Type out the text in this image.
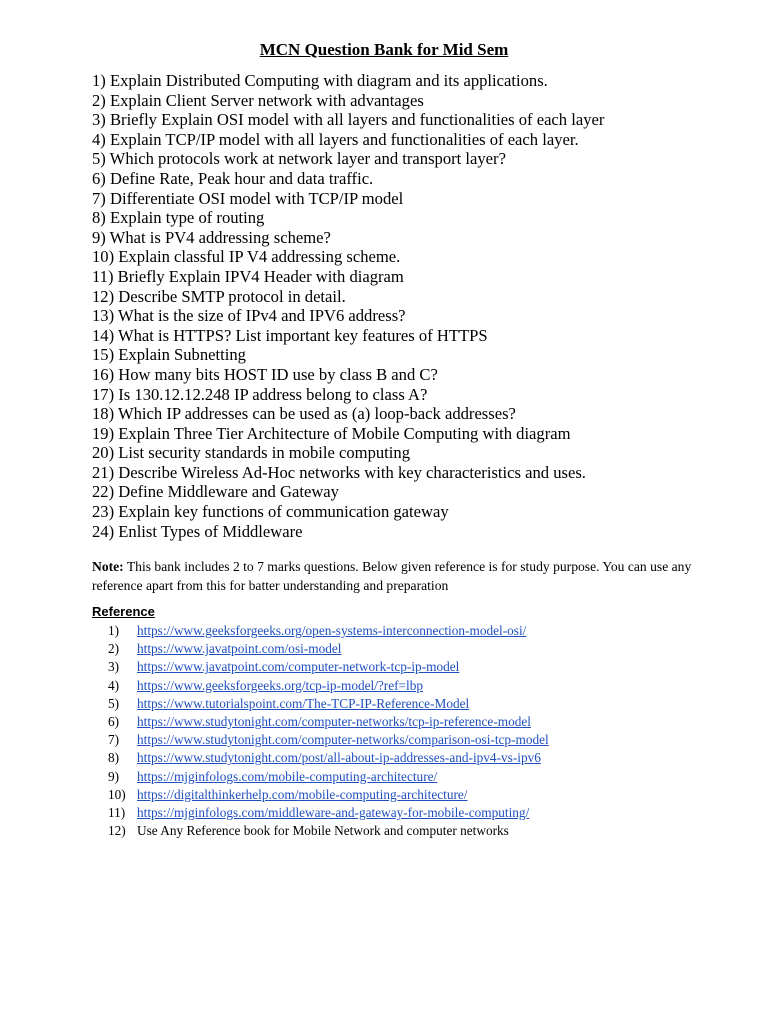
MCN Question Bank for Mid Sem
1) Explain Distributed Computing with diagram and its applications.
2) Explain Client Server network with advantages
3) Briefly Explain OSI model with all layers and functionalities of each layer
4) Explain TCP/IP model with all layers and functionalities of each layer.
5) Which protocols work at network layer and transport layer?
6) Define Rate, Peak hour and data traffic.
7) Differentiate OSI model with TCP/IP model
8) Explain type of routing
9) What is PV4 addressing scheme?
10) Explain classful IP V4 addressing scheme.
11) Briefly Explain IPV4 Header with diagram
12) Describe SMTP protocol in detail.
13) What is the size of IPv4 and IPV6 address?
14) What is HTTPS? List important key features of HTTPS
15) Explain Subnetting
16) How many bits HOST ID use by class B and C?
17) Is 130.12.12.248 IP address belong to class A?
18) Which IP addresses can be used as (a) loop-back addresses?
19) Explain Three Tier Architecture of Mobile Computing with diagram
20) List security standards in mobile computing
21) Describe Wireless Ad-Hoc networks with key characteristics and uses.
22) Define Middleware and Gateway
23) Explain key functions of communication gateway
24) Enlist Types of Middleware
Note: This bank includes 2 to 7 marks questions. Below given reference is for study purpose. You can use any reference apart from this for batter understanding and preparation
Reference
1)	https://www.geeksforgeeks.org/open-systems-interconnection-model-osi/
2)	https://www.javatpoint.com/osi-model
3)	https://www.javatpoint.com/computer-network-tcp-ip-model
4)	https://www.geeksforgeeks.org/tcp-ip-model/?ref=lbp
5)	https://www.tutorialspoint.com/The-TCP-IP-Reference-Model
6)	https://www.studytonight.com/computer-networks/tcp-ip-reference-model
7)	https://www.studytonight.com/computer-networks/comparison-osi-tcp-model
8)	https://www.studytonight.com/post/all-about-ip-addresses-and-ipv4-vs-ipv6
9)	https://mjginfologs.com/mobile-computing-architecture/
10) https://digitalthinkerhelp.com/mobile-computing-architecture/
11) https://mjginfologs.com/middleware-and-gateway-for-mobile-computing/
12) Use Any Reference book for Mobile Network and computer networks
